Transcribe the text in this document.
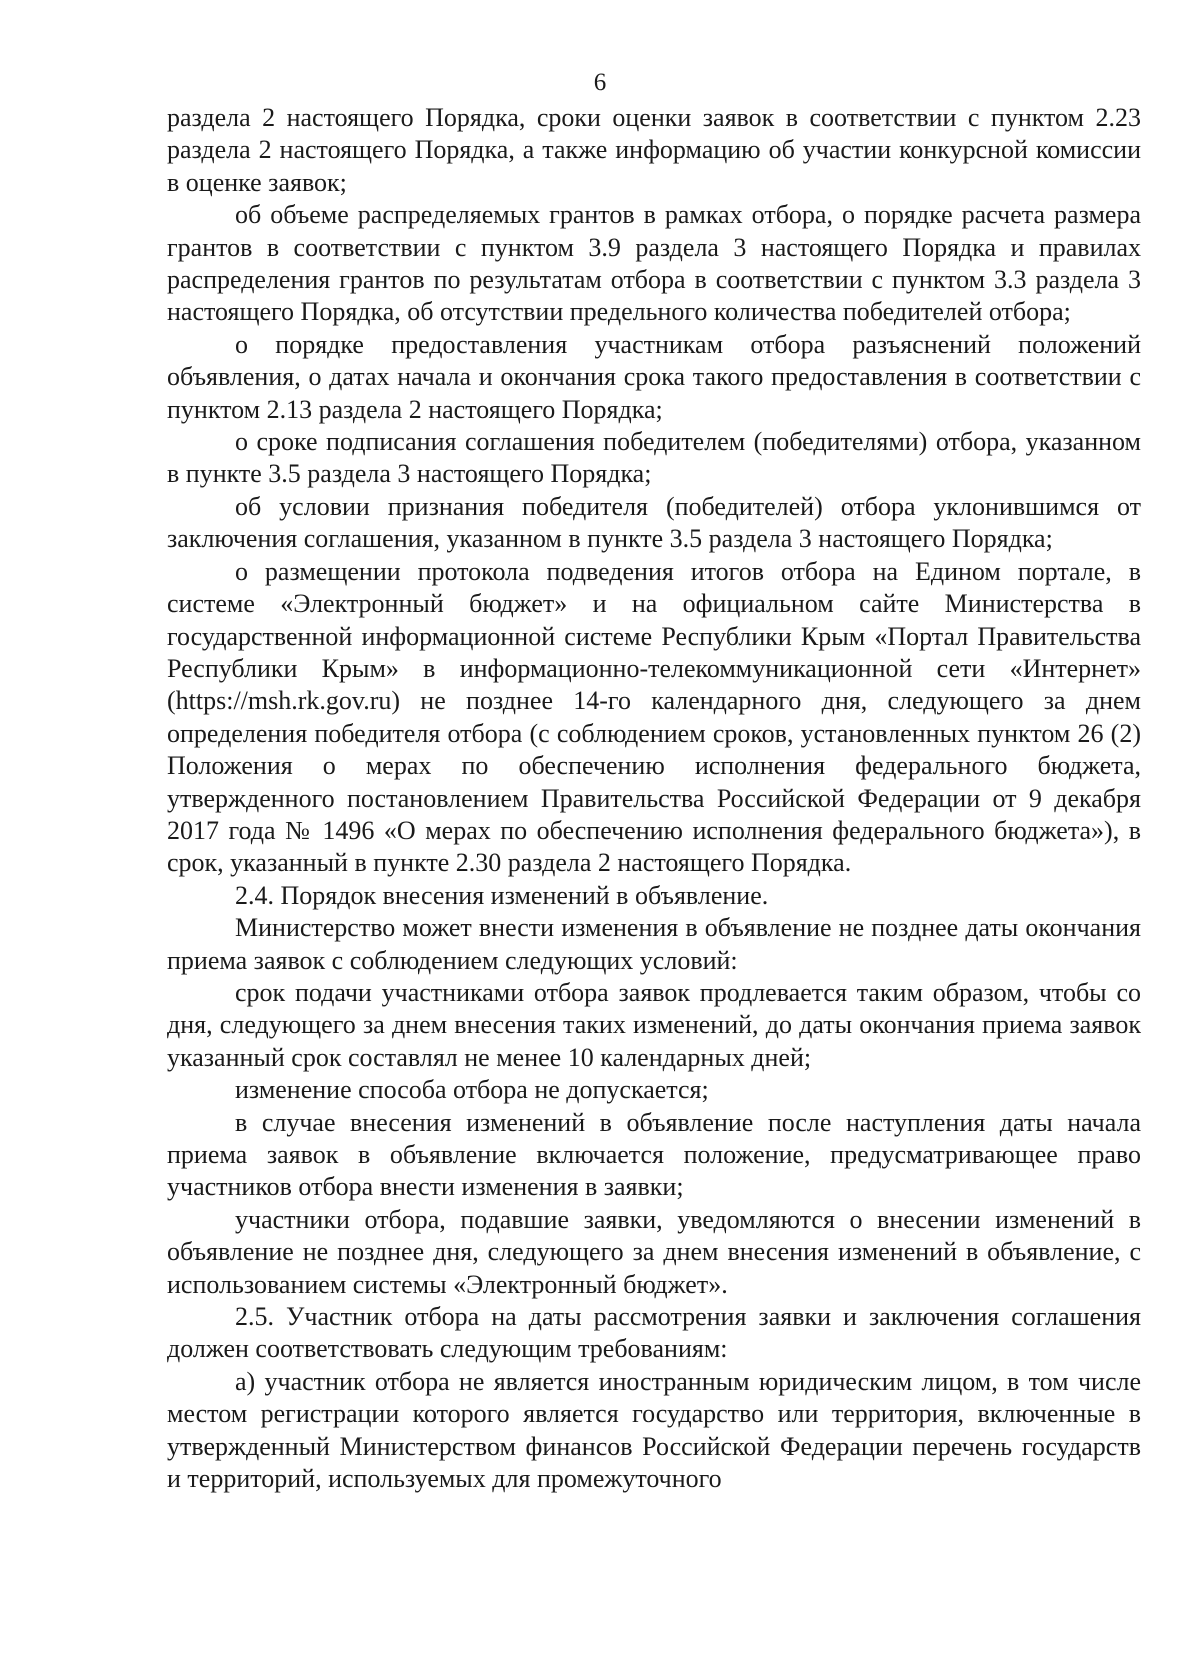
6

раздела 2 настоящего Порядка, сроки оценки заявок в соответствии с пунктом 2.23 раздела 2 настоящего Порядка, а также информацию об участии конкурсной комиссии в оценке заявок;

об объеме распределяемых грантов в рамках отбора, о порядке расчета размера грантов в соответствии с пунктом 3.9 раздела 3 настоящего Порядка и правилах распределения грантов по результатам отбора в соответствии с пунктом 3.3 раздела 3 настоящего Порядка, об отсутствии предельного количества победителей отбора;

о порядке предоставления участникам отбора разъяснений положений объявления, о датах начала и окончания срока такого предоставления в соответствии с пунктом 2.13 раздела 2 настоящего Порядка;

о сроке подписания соглашения победителем (победителями) отбора, указанном в пункте 3.5 раздела 3 настоящего Порядка;

об условии признания победителя (победителей) отбора уклонившимся от заключения соглашения, указанном в пункте 3.5 раздела 3 настоящего Порядка;

о размещении протокола подведения итогов отбора на Едином портале, в системе «Электронный бюджет» и на официальном сайте Министерства в государственной информационной системе Республики Крым «Портал Правительства Республики Крым» в информационно-телекоммуникационной сети «Интернет» (https://msh.rk.gov.ru) не позднее 14-го календарного дня, следующего за днем определения победителя отбора (с соблюдением сроков, установленных пунктом 26 (2) Положения о мерах по обеспечению исполнения федерального бюджета, утвержденного постановлением Правительства Российской Федерации от 9 декабря 2017 года № 1496 «О мерах по обеспечению исполнения федерального бюджета»), в срок, указанный в пункте 2.30 раздела 2 настоящего Порядка.

2.4. Порядок внесения изменений в объявление.

Министерство может внести изменения в объявление не позднее даты окончания приема заявок с соблюдением следующих условий:

срок подачи участниками отбора заявок продлевается таким образом, чтобы со дня, следующего за днем внесения таких изменений, до даты окончания приема заявок указанный срок составлял не менее 10 календарных дней;

изменение способа отбора не допускается;

в случае внесения изменений в объявление после наступления даты начала приема заявок в объявление включается положение, предусматривающее право участников отбора внести изменения в заявки;

участники отбора, подавшие заявки, уведомляются о внесении изменений в объявление не позднее дня, следующего за днем внесения изменений в объявление, с использованием системы «Электронный бюджет».

2.5. Участник отбора на даты рассмотрения заявки и заключения соглашения должен соответствовать следующим требованиям:

а) участник отбора не является иностранным юридическим лицом, в том числе местом регистрации которого является государство или территория, включенные в утвержденный Министерством финансов Российской Федерации перечень государств и территорий, используемых для промежуточного
